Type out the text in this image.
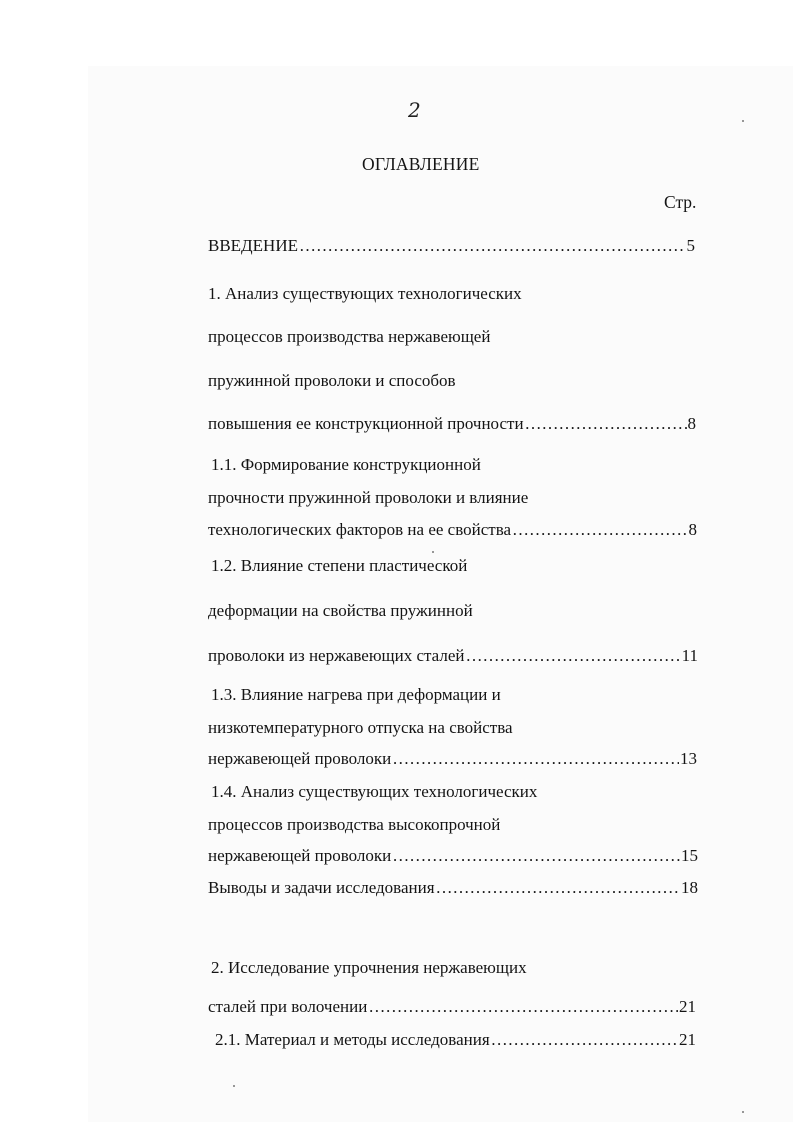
2
ОГЛАВЛЕНИЕ
Стр.
ВВЕДЕНИЕ …………………………………………………………………………………………………………………………………………………………	5
1. Анализ существующих технологических
процессов производства нержавеющей
пружинной проволоки и способов
повышения ее конструкционной прочности …………………………………………………………………………………………………………………………………………………………	8
1.1. Формирование конструкционной
прочности пружинной проволоки и влияние
технологических факторов на ее свойства …………………………………………………………………………………………………………………………………………………………	8
1.2. Влияние степени пластической
деформации на свойства пружинной
проволоки из нержавеющих сталей …………………………………………………………………………………………………………………………………………………………	11
1.3. Влияние нагрева при деформации и
низкотемпературного отпуска на свойства
нержавеющей проволоки …………………………………………………………………………………………………………………………………………………………	13
1.4. Анализ существующих технологических
процессов производства высокопрочной
нержавеющей проволоки …………………………………………………………………………………………………………………………………………………………	15
Выводы и задачи исследования …………………………………………………………………………………………………………………………………………………………	18
2. Исследование упрочнения нержавеющих
сталей при волочении …………………………………………………………………………………………………………………………………………………………	21
2.1. Материал и методы исследования …………………………………………………………………………………………………………………………………………………………	21
